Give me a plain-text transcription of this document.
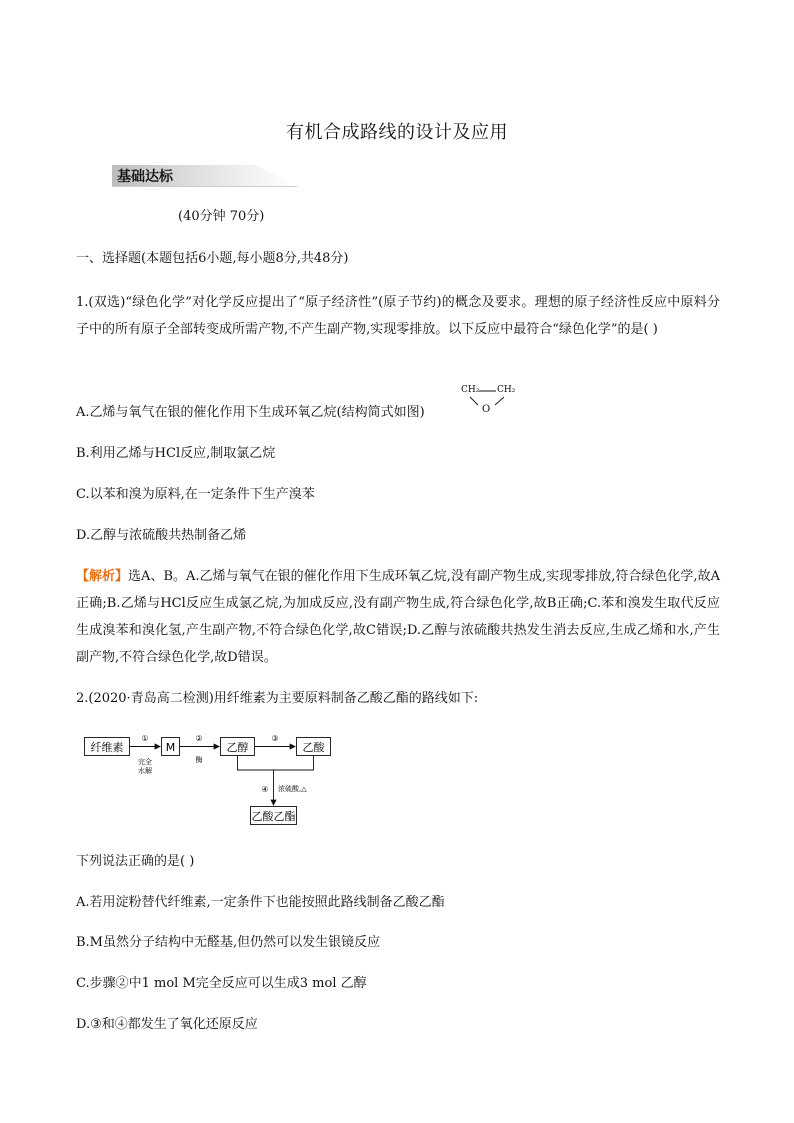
有机合成路线的设计及应用
基础达标
(40分钟 70分)
一、选择题(本题包括6小题,每小题8分,共48分)
1.(双选)“绿色化学”对化学反应提出了“原子经济性”(原子节约)的概念及要求。理想的原子经济性反应中原料分子中的所有原子全部转变成所需产物,不产生副产物,实现零排放。以下反应中最符合“绿色化学”的是( )
A.乙烯与氧气在银的催化作用下生成环氧乙烷(结构简式如图)
CH₂ CH₂
O
B.利用乙烯与HCl反应,制取氯乙烷
C.以苯和溴为原料,在一定条件下生产溴苯
D.乙醇与浓硫酸共热制备乙烯
【解析】选A、B。A.乙烯与氧气在银的催化作用下生成环氧乙烷,没有副产物生成,实现零排放,符合绿色化学,故A正确;B.乙烯与HCl反应生成氯乙烷,为加成反应,没有副产物生成,符合绿色化学,故B正确;C.苯和溴发生取代反应生成溴苯和溴化氢,产生副产物,不符合绿色化学,故C错误;D.乙醇与浓硫酸共热发生消去反应,生成乙烯和水,产生副产物,不符合绿色化学,故D错误。
2.(2020·青岛高二检测)用纤维素为主要原料制备乙酸乙酯的路线如下:
纤维素	M	乙醇	乙酸
乙酸乙酯
①
完全
水解
②
酶
③
④ 浓硫酸,△
下列说法正确的是( )
A.若用淀粉替代纤维素,一定条件下也能按照此路线制备乙酸乙酯
B.M虽然分子结构中无醛基,但仍然可以发生银镜反应
C.步骤②中1 mol M完全反应可以生成3 mol 乙醇
D.③和④都发生了氧化还原反应
